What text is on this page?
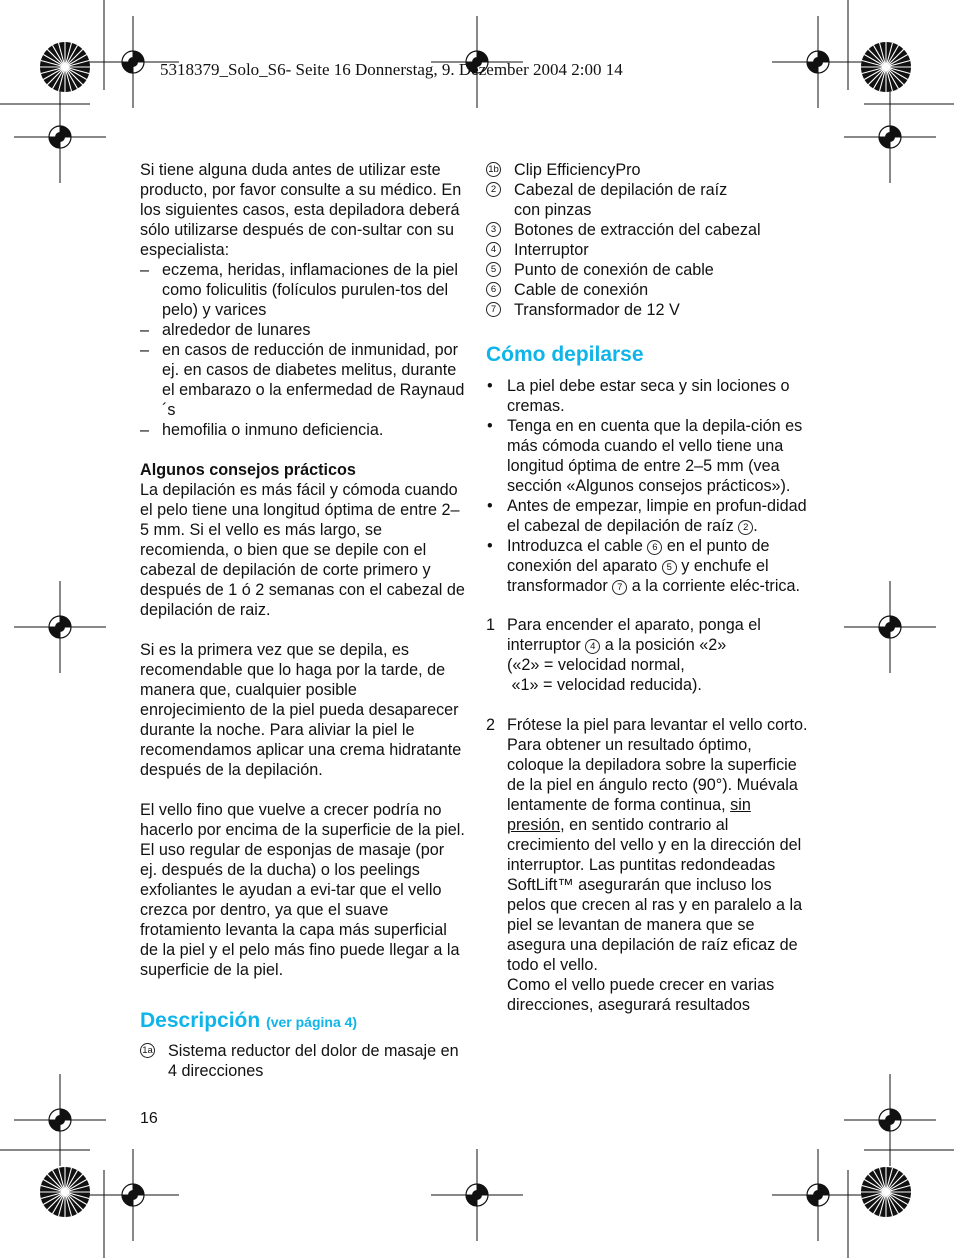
5318379_Solo_S6- Seite 16 Donnerstag, 9. Dezember 2004 2:00 14

Si tiene alguna duda antes de utilizar este producto, por favor consulte a su médico. En los siguientes casos, esta depiladora deberá sólo utilizarse después de con-sultar con su especialista:

– eczema, heridas, inflamaciones de la piel como foliculitis (folículos purulen-tos del pelo) y varices
– alrededor de lunares
– en casos de reducción de inmunidad, por ej. en casos de diabetes melitus, durante el embarazo o la enfermedad de Raynaud´s
– hemofilia o inmuno deficiencia.

Algunos consejos prácticos

La depilación es más fácil y cómoda cuando el pelo tiene una longitud óptima de entre 2–5 mm. Si el vello es más largo, se recomienda, o bien que se depile con el cabezal de depilación de corte primero y después de 1 ó 2 semanas con el cabezal de depilación de raiz.

Si es la primera vez que se depila, es recomendable que lo haga por la tarde, de manera que, cualquier posible enrojecimiento de la piel pueda desaparecer durante la noche. Para aliviar la piel le recomendamos aplicar una crema hidratante después de la depilación.

El vello fino que vuelve a crecer podría no hacerlo por encima de la superficie de la piel. El uso regular de esponjas de masaje (por ej. después de la ducha) o los peelings exfoliantes le ayudan a evi-tar que el vello crezca por dentro, ya que el suave frotamiento levanta la capa más superficial de la piel y el pelo más fino puede llegar a la superficie de la piel.

Descripción (ver página 4)

1a Sistema reductor del dolor de masaje en 4 direcciones
1b Clip EfficiencyPro
2 Cabezal de depilación de raíz con pinzas
3 Botones de extracción del cabezal
4 Interruptor
5 Punto de conexión de cable
6 Cable de conexión
7 Transformador de 12 V

Cómo depilarse

• La piel debe estar seca y sin lociones o cremas.
• Tenga en en cuenta que la depila-ción es más cómoda cuando el vello tiene una longitud óptima de entre 2–5 mm (vea sección «Algunos consejos prácticos»).
• Antes de empezar, limpie en profun-didad el cabezal de depilación de raíz 2 .
• Introduzca el cable 6 en el punto de conexión del aparato 5 y enchufe el transformador 7 a la corriente eléc-trica.
1 Para encender el aparato, ponga el interruptor 4 a la posición «2»
(«2» = velocidad normal,
«1» = velocidad reducida).
2 Frótese la piel para levantar el vello corto. Para obtener un resultado óptimo, coloque la depiladora sobre la superficie de la piel en ángulo recto (90°). Muévala lentamente de forma continua, sin presión, en sentido contrario al crecimiento del vello y en la dirección del interruptor. Las puntitas redondeadas SoftLift™ asegurarán que incluso los pelos que crecen al ras y en paralelo a la piel se levantan de manera que se asegura una depilación de raíz eficaz de todo el vello.
Como el vello puede crecer en varias direcciones, asegurará resultados
16
